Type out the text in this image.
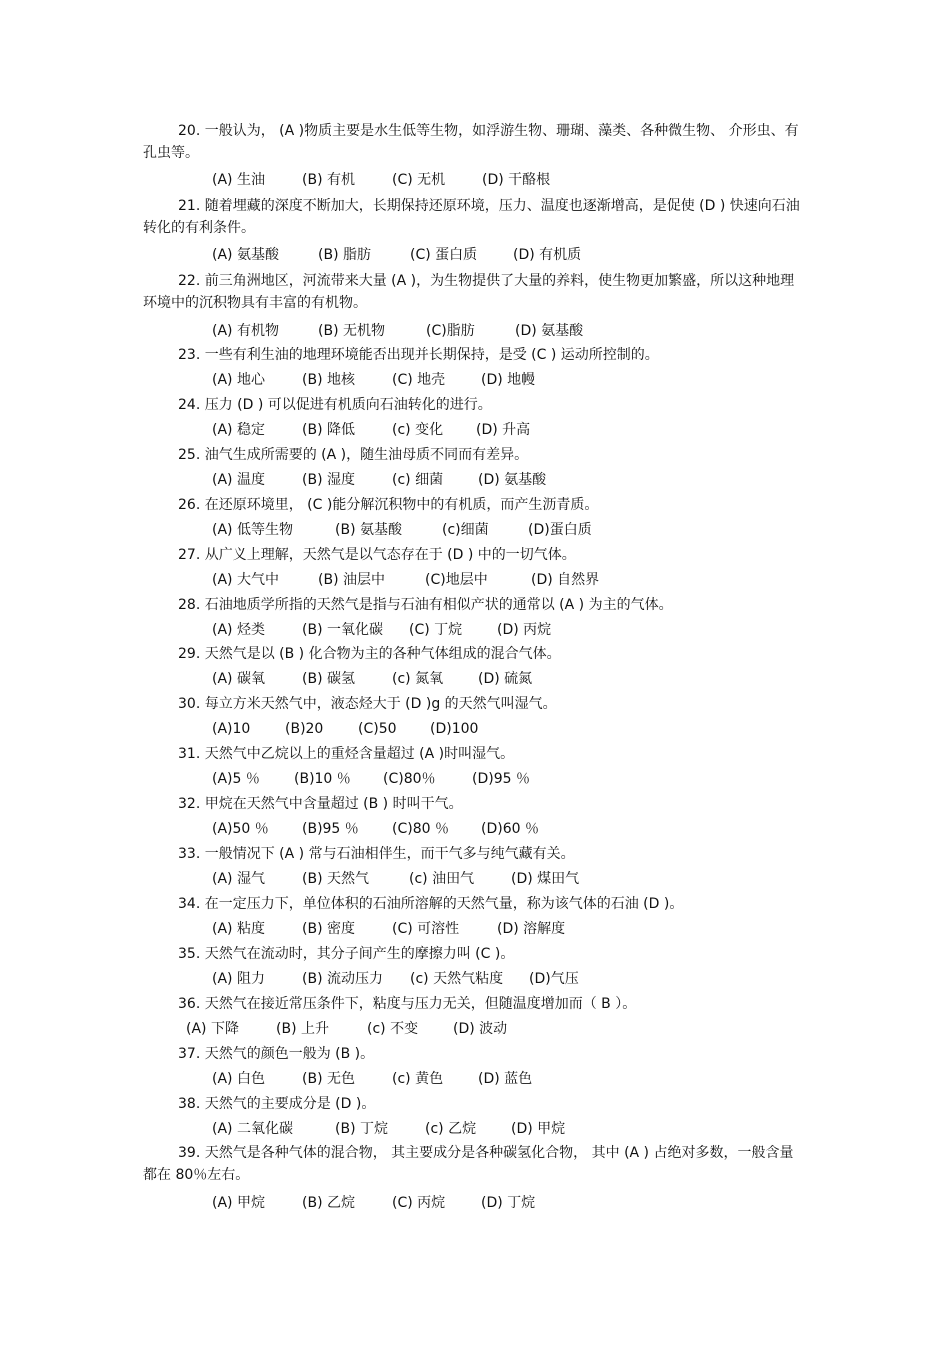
20. 一般认为， (A )物质主要是水生低等生物，如浮游生物、珊瑚、藻类、各种微生物、 介形虫、有孔虫等。
(A) 生油	(B) 有机	(C) 无机	(D) 干酪根
21. 随着埋藏的深度不断加大，长期保持还原环境，压力、温度也逐渐增高，是促使 (D ) 快速向石油转化的有利条件。
(A) 氨基酸	(B) 脂肪	(C) 蛋白质	(D) 有机质
22. 前三角洲地区，河流带来大量 (A )，为生物提供了大量的养料，使生物更加繁盛，所以这种地理环境中的沉积物具有丰富的有机物。
(A) 有机物	(B) 无机物	(C)脂肪	(D) 氨基酸
23. 一些有利生油的地理环境能否出现并长期保持，是受 (C ) 运动所控制的。
(A) 地心	(B) 地核	(C) 地壳	(D) 地幔
24. 压力 (D ) 可以促进有机质向石油转化的进行。
(A) 稳定	(B) 降低	(c) 变化 (D) 升高
25. 油气生成所需要的 (A )，随生油母质不同而有差异。
(A) 温度	(B) 湿度	(c) 细菌 (D) 氨基酸
26. 在还原环境里， (C )能分解沉积物中的有机质，而产生沥青质。
(A) 低等生物	(B) 氨基酸	(c)细菌	(D)蛋白质
27. 从广义上理解，天然气是以气态存在于 (D ) 中的一切气体。
(A) 大气中	(B) 油层中	(C)地层中	(D) 自然界
28. 石油地质学所指的天然气是指与石油有相似产状的通常以 (A ) 为主的气体。
(A) 烃类	(B) 一氧化碳 (C) 丁烷 (D) 丙烷
29. 天然气是以 (B ) 化合物为主的各种气体组成的混合气体。
(A) 碳氧	(B) 碳氢	(c) 氮氧 (D) 硫氮
30. 每立方米天然气中，液态烃大于 (D )g 的天然气叫湿气。
(A)10 (B)20 (C)50 (D)100
31. 天然气中乙烷以上的重烃含量超过 (A )时叫湿气。
(A)5 ％ (B)10 ％ (C)80％	(D)95 ％
32. 甲烷在天然气中含量超过 (B ) 时叫干气。
(A)50 ％ (B)95 ％ (C)80 ％ (D)60 ％
33. 一般情况下 (A ) 常与石油相伴生，而干气多与纯气藏有关。
(A) 湿气	(B) 天然气	(c) 油田气	(D) 煤田气
34. 在一定压力下，单位体积的石油所溶解的天然气量，称为该气体的石油 (D )。
(A) 粘度	(B) 密度	(C) 可溶性	(D) 溶解度
35. 天然气在流动时，其分子间产生的摩擦力叫 (C )。
(A) 阻力	(B) 流动压力 (c) 天然气粘度 (D)气压
36. 天然气在接近常压条件下，粘度与压力无关，但随温度增加而（ B ）。
(A) 下降	(B) 上升	(c) 不变 (D) 波动
37. 天然气的颜色一般为 (B )。
(A) 白色	(B) 无色	(c) 黄色 (D) 蓝色
38. 天然气的主要成分是 (D )。
(A) 二氧化碳	(B) 丁烷	(c) 乙烷 (D) 甲烷
39. 天然气是各种气体的混合物， 其主要成分是各种碳氢化合物， 其中 (A ) 占绝对多数，一般含量都在 80％左右。
(A) 甲烷	(B) 乙烷	(C) 丙烷	(D) 丁烷
